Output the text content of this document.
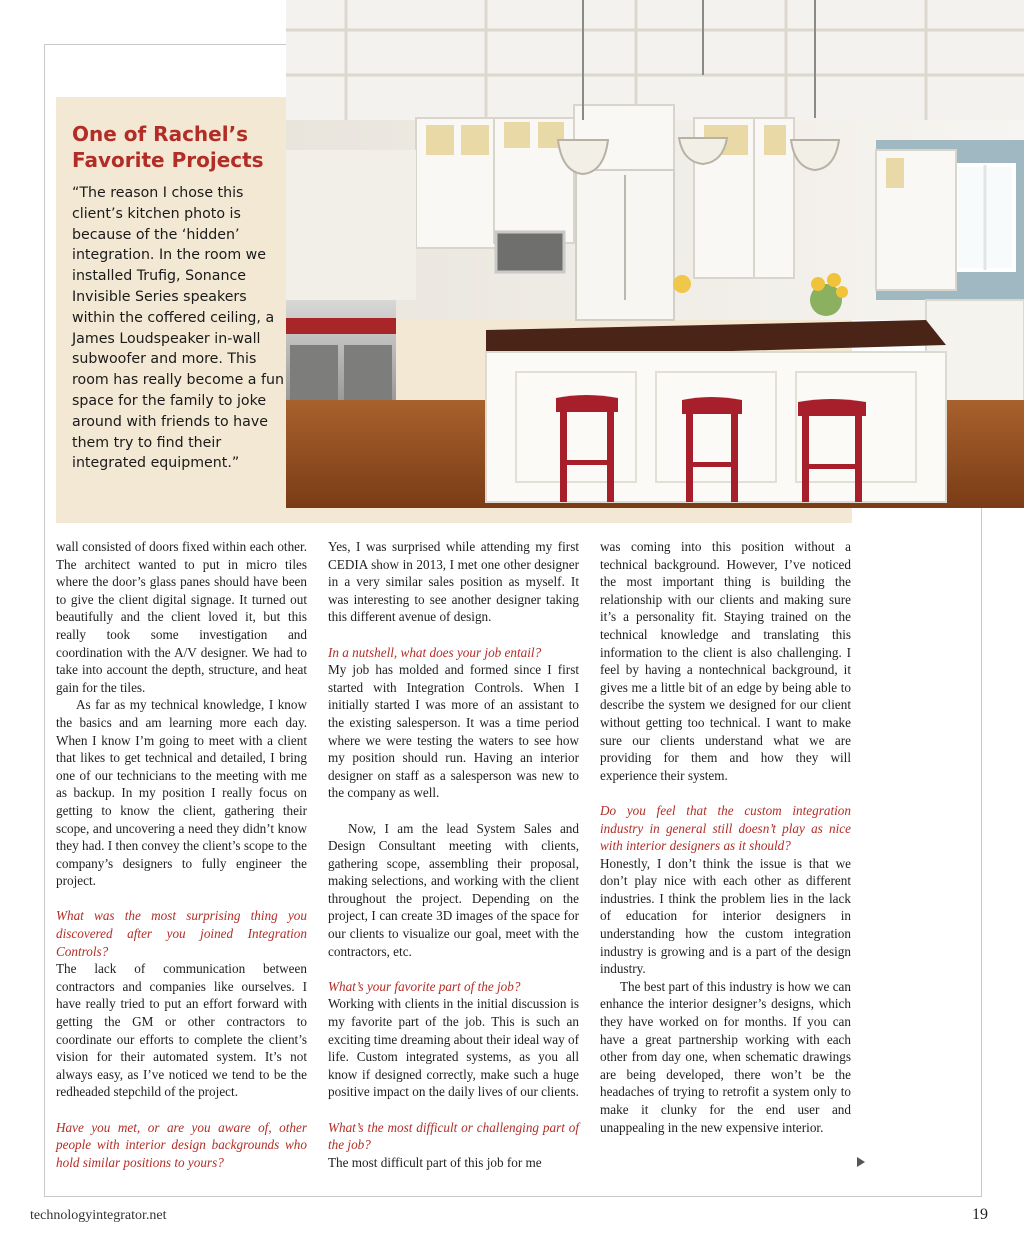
One of Rachel’s Favorite Projects

“The reason I chose this client’s kitchen photo is because of the ‘hidden’ integration. In the room we installed Trufig, Sonance Invisible Series speakers within the coffered ceiling, a James Loudspeaker in-wall subwoofer and more. This room has really become a fun space for the family to joke around with friends to have them try to find their integrated equipment.”

wall consisted of doors fixed within each other. The architect wanted to put in micro tiles where the door’s glass panes should have been to give the client digital signage. It turned out beautifully and the client loved it, but this really took some investigation and coordination with the A/V designer. We had to take into account the depth, structure, and heat gain for the tiles.

As far as my technical knowledge, I know the basics and am learning more each day. When I know I’m going to meet with a client that likes to get technical and detailed, I bring one of our technicians to the meeting with me as backup. In my position I really focus on getting to know the client, gathering their scope, and uncovering a need they didn’t know they had. I then convey the client’s scope to the company’s designers to fully engineer the project.

What was the most surprising thing you discovered after you joined Integration Controls?

The lack of communication between contractors and companies like ourselves. I have really tried to put an effort forward with getting the GM or other contractors to coordinate our efforts to complete the client’s vision for their automated system. It’s not always easy, as I’ve noticed we tend to be the redheaded stepchild of the project.

Have you met, or are you aware of, other people with interior design backgrounds who hold similar positions to yours?

Yes, I was surprised while attending my first CEDIA show in 2013, I met one other designer in a very similar sales position as myself. It was interesting to see another designer taking this different avenue of design.

In a nutshell, what does your job entail?

My job has molded and formed since I first started with Integration Controls. When I initially started I was more of an assistant to the existing salesperson. It was a time period where we were testing the waters to see how my position should run. Having an interior designer on staff as a salesperson was new to the company as well.

Now, I am the lead System Sales and Design Consultant meeting with clients, gathering scope, assembling their proposal, making selections, and working with the client throughout the project. Depending on the project, I can create 3D images of the space for our clients to visualize our goal, meet with the contractors, etc.

What’s your favorite part of the job?

Working with clients in the initial discussion is my favorite part of the job. This is such an exciting time dreaming about their ideal way of life. Custom integrated systems, as you all know if designed correctly, make such a huge positive impact on the daily lives of our clients.

What’s the most difficult or challenging part of the job?

The most difficult part of this job for me

was coming into this position without a technical background. However, I’ve noticed the most important thing is building the relationship with our clients and making sure it’s a personality fit. Staying trained on the technical knowledge and translating this information to the client is also challenging. I feel by having a nontechnical background, it gives me a little bit of an edge by being able to describe the system we designed for our client without getting too technical. I want to make sure our clients understand what we are providing for them and how they will experience their system.

Do you feel that the custom integration industry in general still doesn’t play as nice with interior designers as it should?

Honestly, I don’t think the issue is that we don’t play nice with each other as different industries. I think the problem lies in the lack of education for interior designers in understanding how the custom integration industry is growing and is a part of the design industry.

The best part of this industry is how we can enhance the interior designer’s designs, which they have worked on for months. If you can have a great partnership working with each other from day one, when schematic drawings are being developed, there won’t be the headaches of trying to retrofit a system only to make it clunky for the end user and unappealing in the new expensive interior.

technologyintegrator.net	19
